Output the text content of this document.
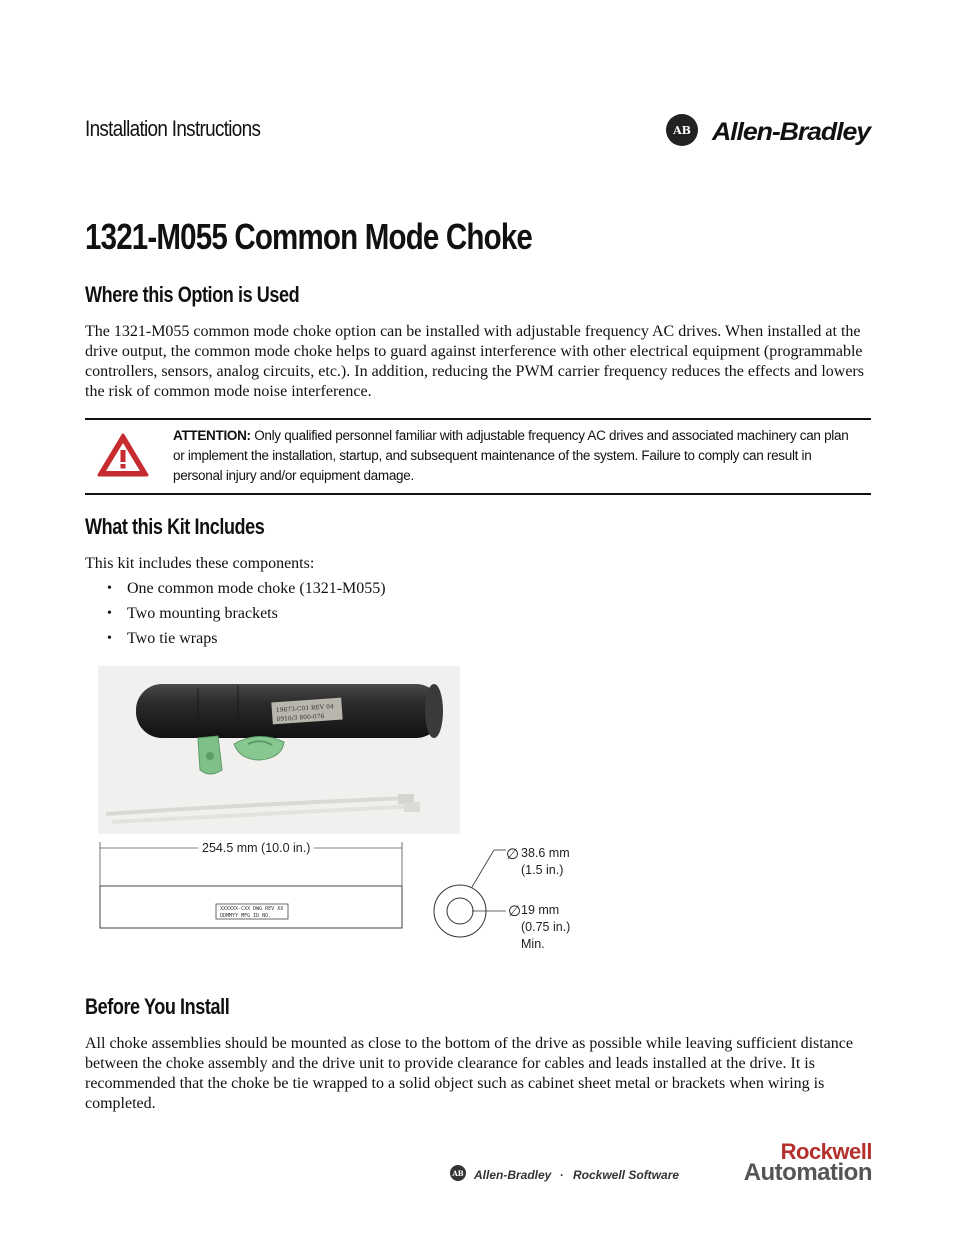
Installation Instructions	AB Allen-Bradley
1321-M055 Common Mode Choke
Where this Option is Used
The 1321-M055 common mode choke option can be installed with adjustable frequency AC drives. When installed at the
drive output, the common mode choke helps to guard against interference with other electrical equipment (programmable
controllers, sensors, analog circuits, etc.). In addition, reducing the PWM carrier frequency reduces the effects and lowers
the risk of common mode noise interference.
ATTENTION: Only qualified personnel familiar with adjustable frequency AC drives and associated machinery can plan or implement the installation, startup, and subsequent maintenance of the system. Failure to comply can result in personal injury and/or equipment damage.
What this Kit Includes
This kit includes these components:
• One common mode choke (1321-M055)
• Two mounting brackets
• Two tie wraps
19673-C01 REV 04
0910/3 800-076
XXXXXX-CXX DWG REV XX
DDMMYY MFG ID NO.
254.5 mm (10.0 in.)	∅ 38.6 mm
(1.5 in.)
∅ 19 mm
(0.75 in.)
Min.
Before You Install
All choke assemblies should be mounted as close to the bottom of the drive as possible while leaving sufficient distance
between the choke assembly and the drive unit to provide clearance for cables and leads installed at the drive. It is
recommended that the choke be tie wrapped to a solid object such as cabinet sheet metal or brackets when wiring is
completed.
AB Allen-Bradley · Rockwell Software
Rockwell
Automation
